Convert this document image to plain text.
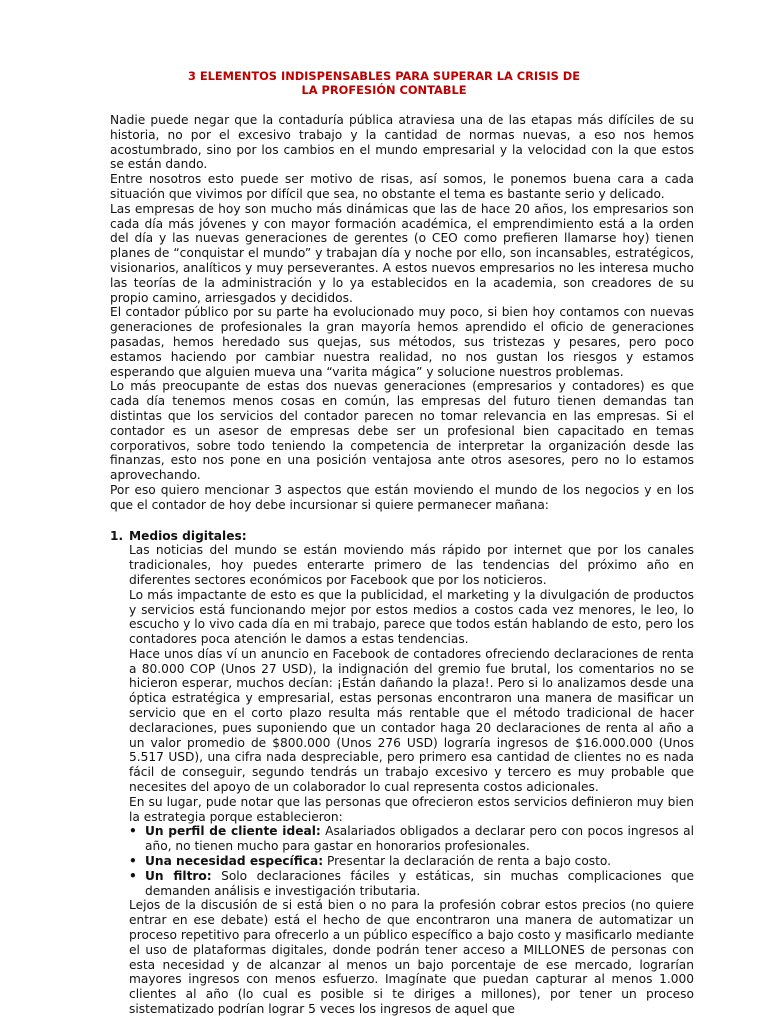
3 ELEMENTOS INDISPENSABLES PARA SUPERAR LA CRISIS DE
LA PROFESIÓN CONTABLE

Nadie puede negar que la contaduría pública atraviesa una de las etapas más difíciles de su historia, no por el excesivo trabajo y la cantidad de normas nuevas, a eso nos hemos acostumbrado, sino por los cambios en el mundo empresarial y la velocidad con la que estos se están dando.

Entre nosotros esto puede ser motivo de risas, así somos, le ponemos buena cara a cada situación que vivimos por difícil que sea, no obstante el tema es bastante serio y delicado.

Las empresas de hoy son mucho más dinámicas que las de hace 20 años, los empresarios son cada día más jóvenes y con mayor formación académica, el emprendimiento está a la orden del día y las nuevas generaciones de gerentes (o CEO como prefieren llamarse hoy) tienen planes de “conquistar el mundo” y trabajan día y noche por ello, son incansables, estratégicos, visionarios, analíticos y muy perseverantes. A estos nuevos empresarios no les interesa mucho las teorías de la administración y lo ya establecidos en la academia, son creadores de su propio camino, arriesgados y decididos.

El contador público por su parte ha evolucionado muy poco, si bien hoy contamos con nuevas generaciones de profesionales la gran mayoría hemos aprendido el oficio de generaciones pasadas, hemos heredado sus quejas, sus métodos, sus tristezas y pesares, pero poco estamos haciendo por cambiar nuestra realidad, no nos gustan los riesgos y estamos esperando que alguien mueva una “varita mágica” y solucione nuestros problemas.

Lo más preocupante de estas dos nuevas generaciones (empresarios y contadores) es que cada día tenemos menos cosas en común, las empresas del futuro tienen demandas tan distintas que los servicios del contador parecen no tomar relevancia en las empresas. Si el contador es un asesor de empresas debe ser un profesional bien capacitado en temas corporativos, sobre todo teniendo la competencia de interpretar la organización desde las finanzas, esto nos pone en una posición ventajosa ante otros asesores, pero no lo estamos aprovechando.

Por eso quiero mencionar 3 aspectos que están moviendo el mundo de los negocios y en los que el contador de hoy debe incursionar si quiere permanecer mañana:

1. Medios digitales:

Las noticias del mundo se están moviendo más rápido por internet que por los canales tradicionales, hoy puedes enterarte primero de las tendencias del próximo año en diferentes sectores económicos por Facebook que por los noticieros.

Lo más impactante de esto es que la publicidad, el marketing y la divulgación de productos y servicios está funcionando mejor por estos medios a costos cada vez menores, le leo, lo escucho y lo vivo cada día en mi trabajo, parece que todos están hablando de esto, pero los contadores poca atención le damos a estas tendencias.

Hace unos días ví un anuncio en Facebook de contadores ofreciendo declaraciones de renta a 80.000 COP (Unos 27 USD), la indignación del gremio fue brutal, los comentarios no se hicieron esperar, muchos decían: ¡Están dañando la plaza!. Pero si lo analizamos desde una óptica estratégica y empresarial, estas personas encontraron una manera de masificar un servicio que en el corto plazo resulta más rentable que el método tradicional de hacer declaraciones, pues suponiendo que un contador haga 20 declaraciones de renta al año a un valor promedio de $800.000 (Unos 276 USD) lograría ingresos de $16.000.000 (Unos 5.517 USD), una cifra nada despreciable, pero primero esa cantidad de clientes no es nada fácil de conseguir, segundo tendrás un trabajo excesivo y tercero es muy probable que necesites del apoyo de un colaborador lo cual representa costos adicionales.

En su lugar, pude notar que las personas que ofrecieron estos servicios definieron muy bien la estrategia porque establecieron:

• Un perfil de cliente ideal: Asalariados obligados a declarar pero con pocos ingresos al año, no tienen mucho para gastar en honorarios profesionales.
• Una necesidad específica: Presentar la declaración de renta a bajo costo.
• Un filtro: Solo declaraciones fáciles y estáticas, sin muchas complicaciones que demanden análisis e investigación tributaria.

Lejos de la discusión de si está bien o no para la profesión cobrar estos precios (no quiere entrar en ese debate) está el hecho de que encontraron una manera de automatizar un proceso repetitivo para ofrecerlo a un público específico a bajo costo y masificarlo mediante el uso de plataformas digitales, donde podrán tener acceso a MILLONES de personas con esta necesidad y de alcanzar al menos un bajo porcentaje de ese mercado, lograrían mayores ingresos con menos esfuerzo. Imagínate que puedan capturar al menos 1.000 clientes al año (lo cual es posible si te diriges a millones), por tener un proceso sistematizado podrían lograr 5 veces los ingresos de aquel que
